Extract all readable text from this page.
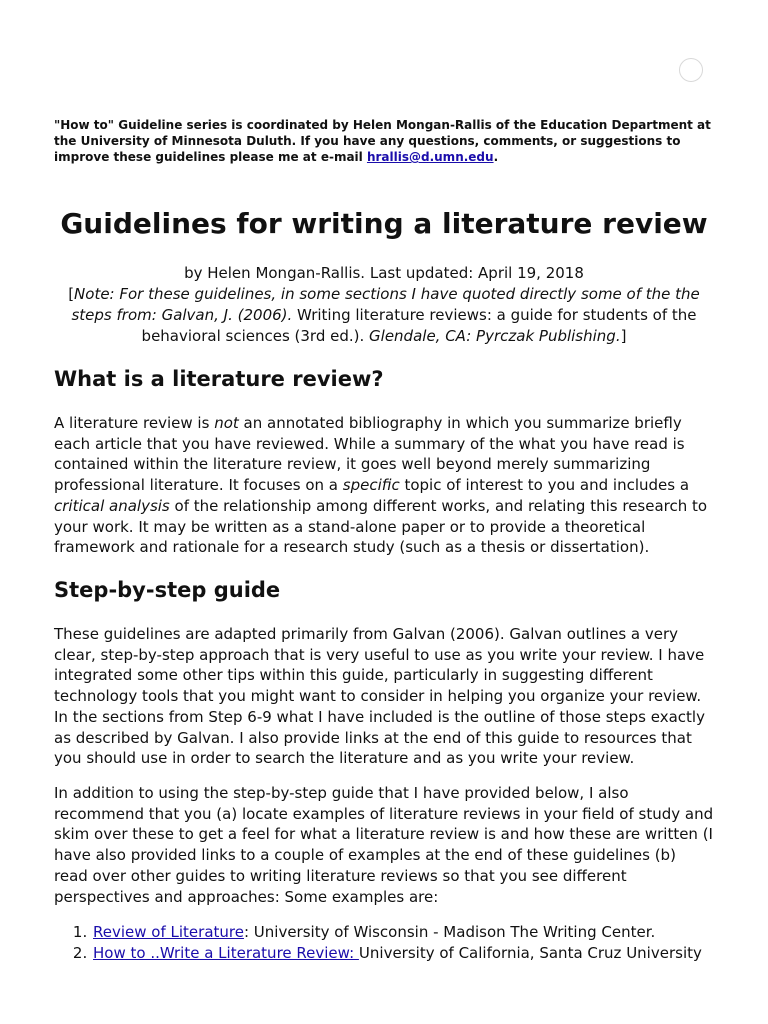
"How to" Guideline series is coordinated by Helen Mongan-Rallis of the Education Department at the University of Minnesota Duluth. If you have any questions, comments, or suggestions to improve these guidelines please me at e-mail hrallis@d.umn.edu.

Guidelines for writing a literature review
by Helen Mongan-Rallis. Last updated: April 19, 2018
[Note: For these guidelines, in some sections I have quoted directly some of the the steps from: Galvan, J. (2006). Writing literature reviews: a guide for students of the behavioral sciences (3rd ed.). Glendale, CA: Pyrczak Publishing.]
What is a literature review?

A literature review is not an annotated bibliography in which you summarize briefly each article that you have reviewed. While a summary of the what you have read is contained within the literature review, it goes well beyond merely summarizing professional literature. It focuses on a specific topic of interest to you and includes a critical analysis of the relationship among different works, and relating this research to your work. It may be written as a stand-alone paper or to provide a theoretical framework and rationale for a research study (such as a thesis or dissertation).

Step-by-step guide

These guidelines are adapted primarily from Galvan (2006). Galvan outlines a very clear, step-by-step approach that is very useful to use as you write your review. I have integrated some other tips within this guide, particularly in suggesting different technology tools that you might want to consider in helping you organize your review. In the sections from Step 6-9 what I have included is the outline of those steps exactly as described by Galvan. I also provide links at the end of this guide to resources that you should use in order to search the literature and as you write your review.

In addition to using the step-by-step guide that I have provided below, I also recommend that you (a) locate examples of literature reviews in your field of study and skim over these to get a feel for what a literature review is and how these are written (I have also provided links to a couple of examples at the end of these guidelines (b) read over other guides to writing literature reviews so that you see different perspectives and approaches: Some examples are:

1. Review of Literature: University of Wisconsin - Madison The Writing Center.
2. How to ..Write a Literature Review: University of California, Santa Cruz University
